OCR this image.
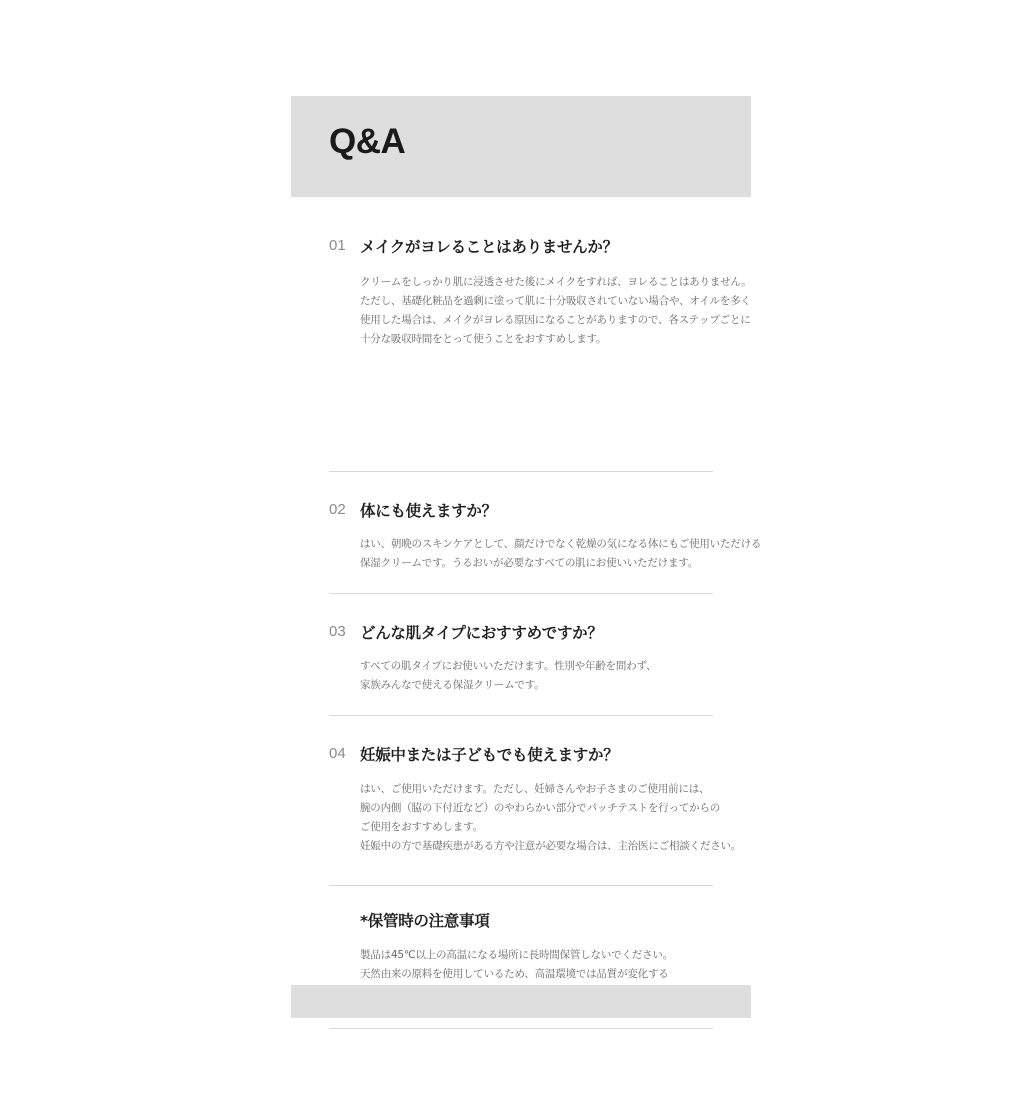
Q&A
01 メイクがヨレることはありませんか？
クリームをしっかり肌に浸透させた後にメイクをすれば、ヨレることはありません。
ただし、基礎化粧品を過剰に塗って肌に十分吸収されていない場合や、オイルを多く
使用した場合は、メイクがヨレる原因になることがありますので、各ステップごとに
十分な吸収時間をとって使うことをおすすめします。
02 体にも使えますか？
はい、朝晩のスキンケアとして、顔だけでなく乾燥の気になる体にもご使用いただける
保湿クリームです。うるおいが必要なすべての肌にお使いいただけます。
03 どんな肌タイプにおすすめですか？
すべての肌タイプにお使いいただけます。性別や年齢を問わず、
家族みんなで使える保湿クリームです。
04 妊娠中または子どもでも使えますか？
はい、ご使用いただけます。ただし、妊婦さんやお子さまのご使用前には、
腕の内側（脇の下付近など）のやわらかい部分でパッチテストを行ってからの
ご使用をおすすめします。
妊娠中の方で基礎疾患がある方や注意が必要な場合は、主治医にご相談ください。
*保管時の注意事項
製品は45℃以上の高温になる場所に長時間保管しないでください。
天然由来の原料を使用しているため、高温環境では品質が変化する
